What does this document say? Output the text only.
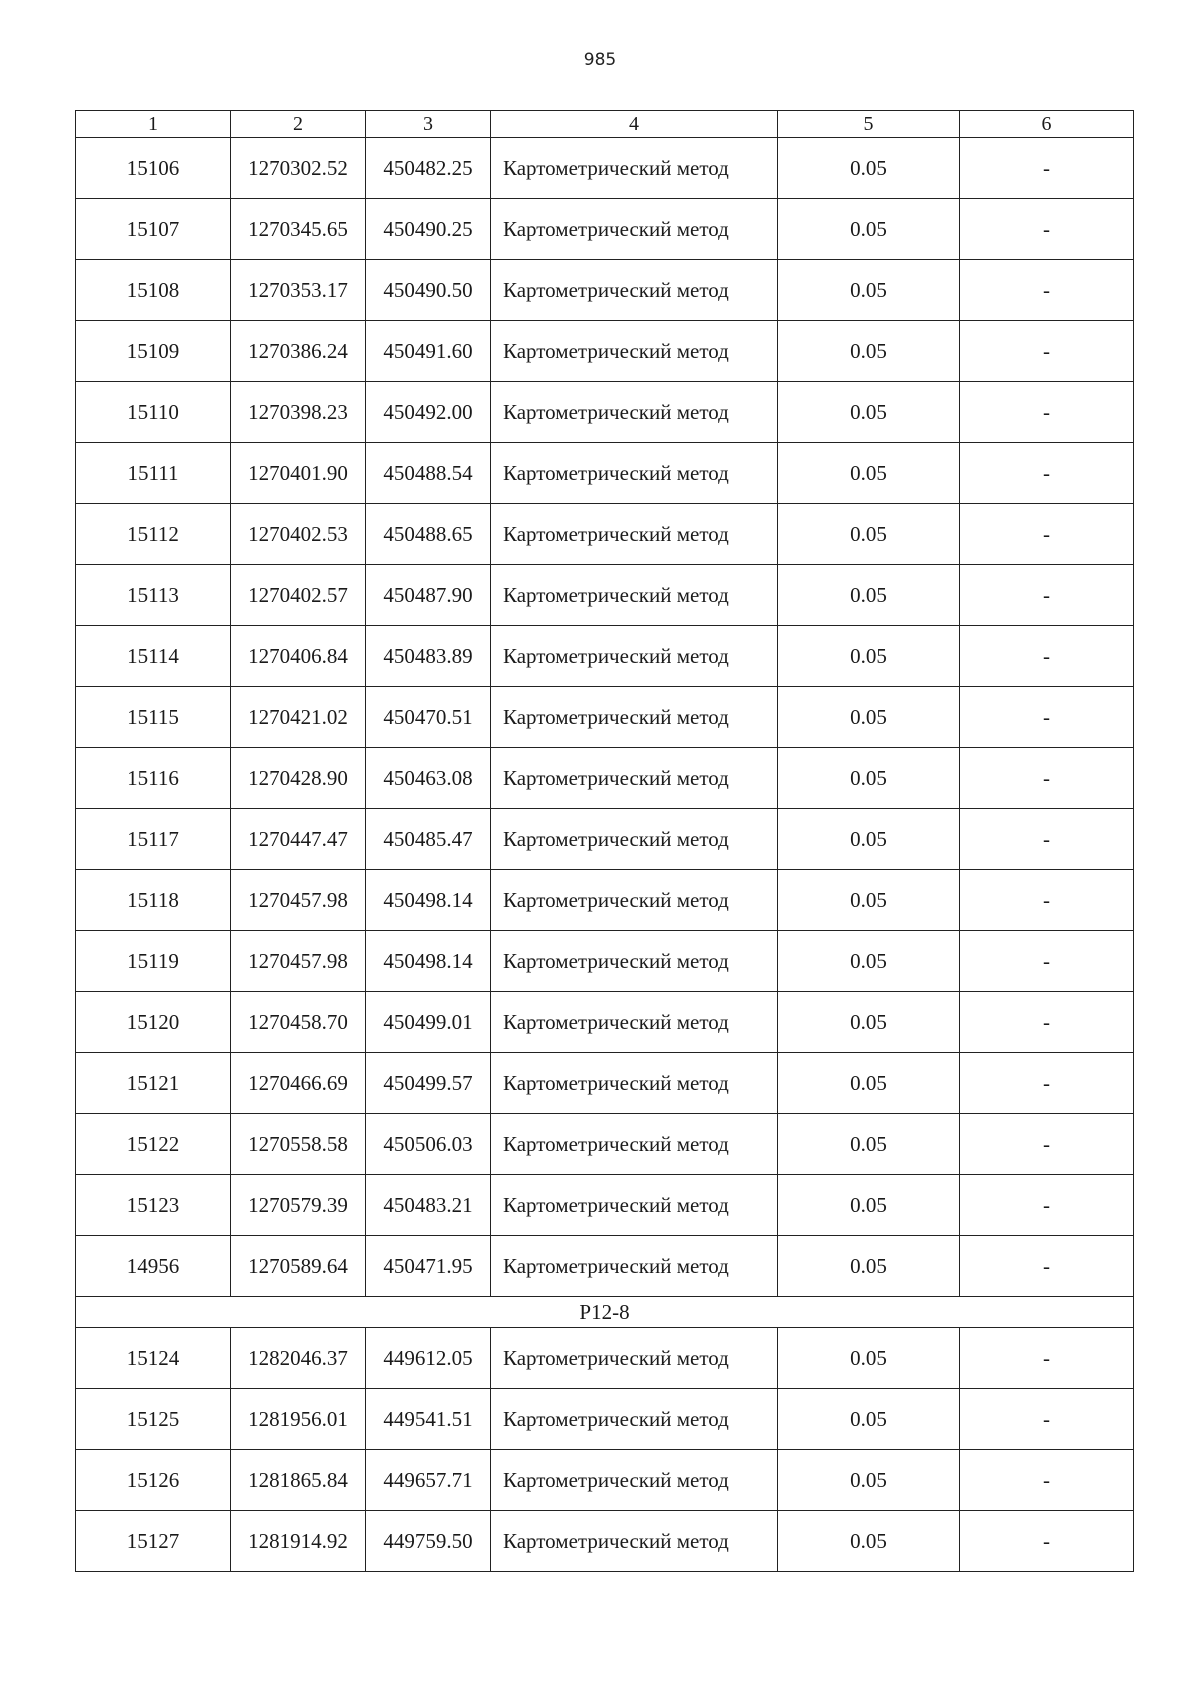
985
1	2	3	4	5	6
15106	1270302.52	450482.25	Картометрический метод	0.05	-
15107	1270345.65	450490.25	Картометрический метод	0.05	-
15108	1270353.17	450490.50	Картометрический метод	0.05	-
15109	1270386.24	450491.60	Картометрический метод	0.05	-
15110	1270398.23	450492.00	Картометрический метод	0.05	-
15111	1270401.90	450488.54	Картометрический метод	0.05	-
15112	1270402.53	450488.65	Картометрический метод	0.05	-
15113	1270402.57	450487.90	Картометрический метод	0.05	-
15114	1270406.84	450483.89	Картометрический метод	0.05	-
15115	1270421.02	450470.51	Картометрический метод	0.05	-
15116	1270428.90	450463.08	Картометрический метод	0.05	-
15117	1270447.47	450485.47	Картометрический метод	0.05	-
15118	1270457.98	450498.14	Картометрический метод	0.05	-
15119	1270457.98	450498.14	Картометрический метод	0.05	-
15120	1270458.70	450499.01	Картометрический метод	0.05	-
15121	1270466.69	450499.57	Картометрический метод	0.05	-
15122	1270558.58	450506.03	Картометрический метод	0.05	-
15123	1270579.39	450483.21	Картометрический метод	0.05	-
14956	1270589.64	450471.95	Картометрический метод	0.05	-
Р12-8					
15124	1282046.37	449612.05	Картометрический метод	0.05	-
15125	1281956.01	449541.51	Картометрический метод	0.05	-
15126	1281865.84	449657.71	Картометрический метод	0.05	-
15127	1281914.92	449759.50	Картометрический метод	0.05	-
